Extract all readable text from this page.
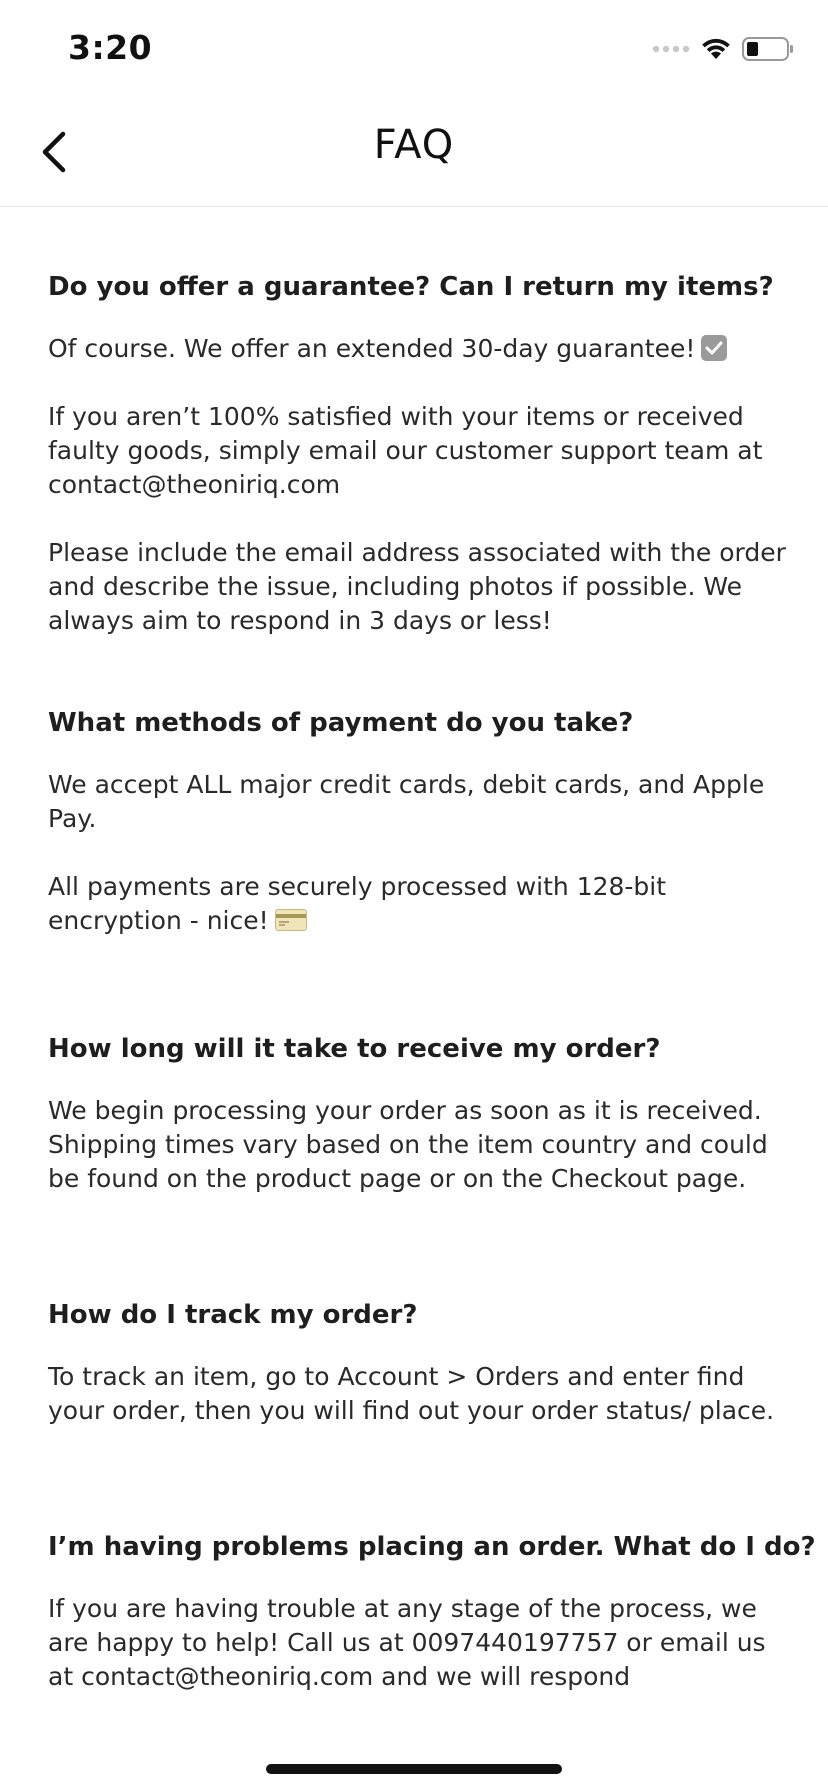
3:20
FAQ
Do you offer a guarantee? Can I return my items?
Of course. We offer an extended 30-day guarantee!
If you aren’t 100% satisfied with your items or received faulty goods, simply email our customer support team at contact@theoniriq.com
Please include the email address associated with the order and describe the issue, including photos if possible. We always aim to respond in 3 days or less!
What methods of payment do you take?
We accept ALL major credit cards, debit cards, and Apple Pay.
All payments are securely processed with 128-bit encryption - nice!
How long will it take to receive my order?
We begin processing your order as soon as it is received. Shipping times vary based on the item country and could be found on the product page or on the Checkout page.
How do I track my order?
To track an item, go to Account > Orders and enter find your order, then you will find out your order status/ place.
I’m having problems placing an order. What do I do?
If you are having trouble at any stage of the process, we are happy to help! Call us at 0097440197757 or email us at contact@theoniriq.com and we will respond
